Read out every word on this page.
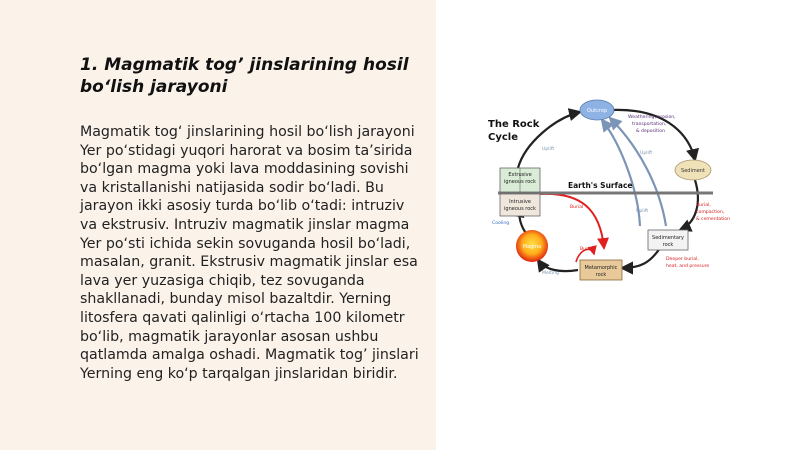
1. Magmatik tog’ jinslarining hosil bo‘lish jarayoni

Magmatik tog‘ jinslarining hosil bo‘lish jarayoni Yer po‘stidagi yuqori harorat va bosim ta’sirida bo‘lgan magma yoki lava moddasining sovishi va kristallanishi natijasida sodir bo‘ladi. Bu jarayon ikki asosiy turda bo‘lib o‘tadi: intruziv va ekstrusiv. Intruziv magmatik jinslar magma Yer po‘sti ichida sekin sovuganda hosil bo‘ladi, masalan, granit. Ekstrusiv magmatik jinslar esa lava yer yuzasiga chiqib, tez sovuganda shakllanadi, bunday misol bazaltdir. Yerning litosfera qavati qalinligi o‘rtacha 100 kilometr bo‘lib, magmatik jarayonlar asosan ushbu qatlamda amalga oshadi. Magmatik tog’ jinslari Yerning eng ko‘p tarqalgan jinslaridan biridir.

The Rock
Cycle
Earth's Surface
Outcrop
Sediment
Sedimentary
rock
Metamorphic
rock
Magma
Extrusive
igneous rock
Intrusive
igneous rock
Weathering, erosion,
transportation,
& deposition
Uplift
Uplift
Uplift
Burial,
compaction,
& cementation
Deeper burial,
heat, and pressure
Burial
Burial
Melting
Cooling
